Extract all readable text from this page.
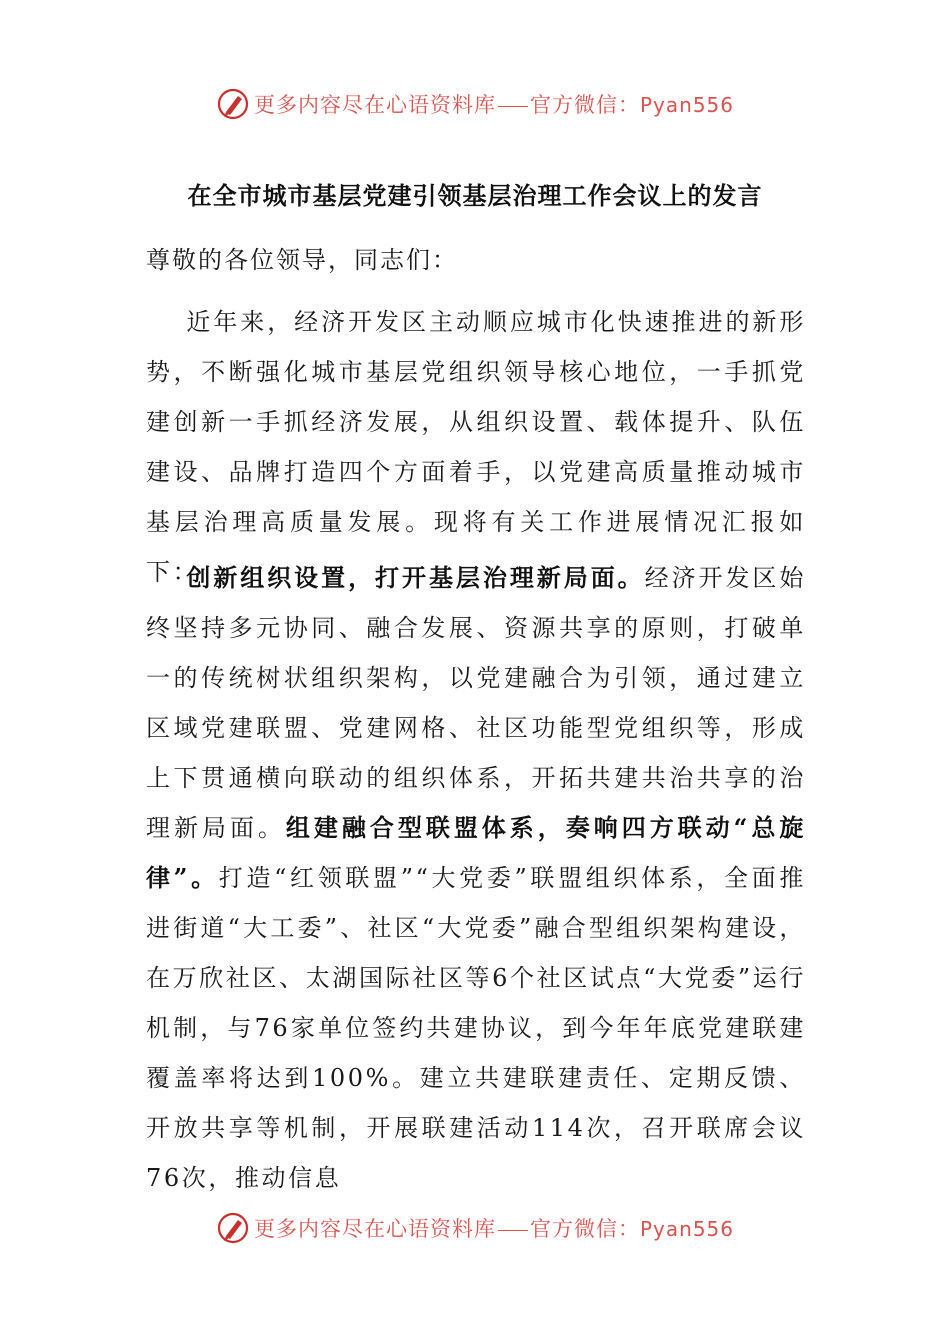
更多内容尽在心语资料库 官方微信：Pyan556
在全市城市基层党建引领基层治理工作会议上的发言
尊敬的各位领导，同志们：

近年来，经济开发区主动顺应城市化快速推进的新形势，不断强化城市基层党组织领导核心地位，一手抓党建创新一手抓经济发展，从组织设置、载体提升、队伍建设、品牌打造四个方面着手，以党建高质量推动城市基层治理高质量发展。现将有关工作进展情况汇报如下：

创新组织设置，打开基层治理新局面。经济开发区始终坚持多元协同、融合发展、资源共享的原则，打破单一的传统树状组织架构，以党建融合为引领，通过建立区域党建联盟、党建网格、社区功能型党组织等，形成上下贯通横向联动的组织体系，开拓共建共治共享的治理新局面。组建融合型联盟体系，奏响四方联动“总旋律”。打造“红领联盟”“大党委”联盟组织体系，全面推进街道“大工委”、社区“大党委”融合型组织架构建设，在万欣社区、太湖国际社区等6个社区试点“大党委”运行机制，与76家单位签约共建协议，到今年年底党建联建覆盖率将达到100%。建立共建联建责任、定期反馈、开放共享等机制，开展联建活动114次，召开联席会议76次，推动信息

更多内容尽在心语资料库 官方微信：Pyan556
